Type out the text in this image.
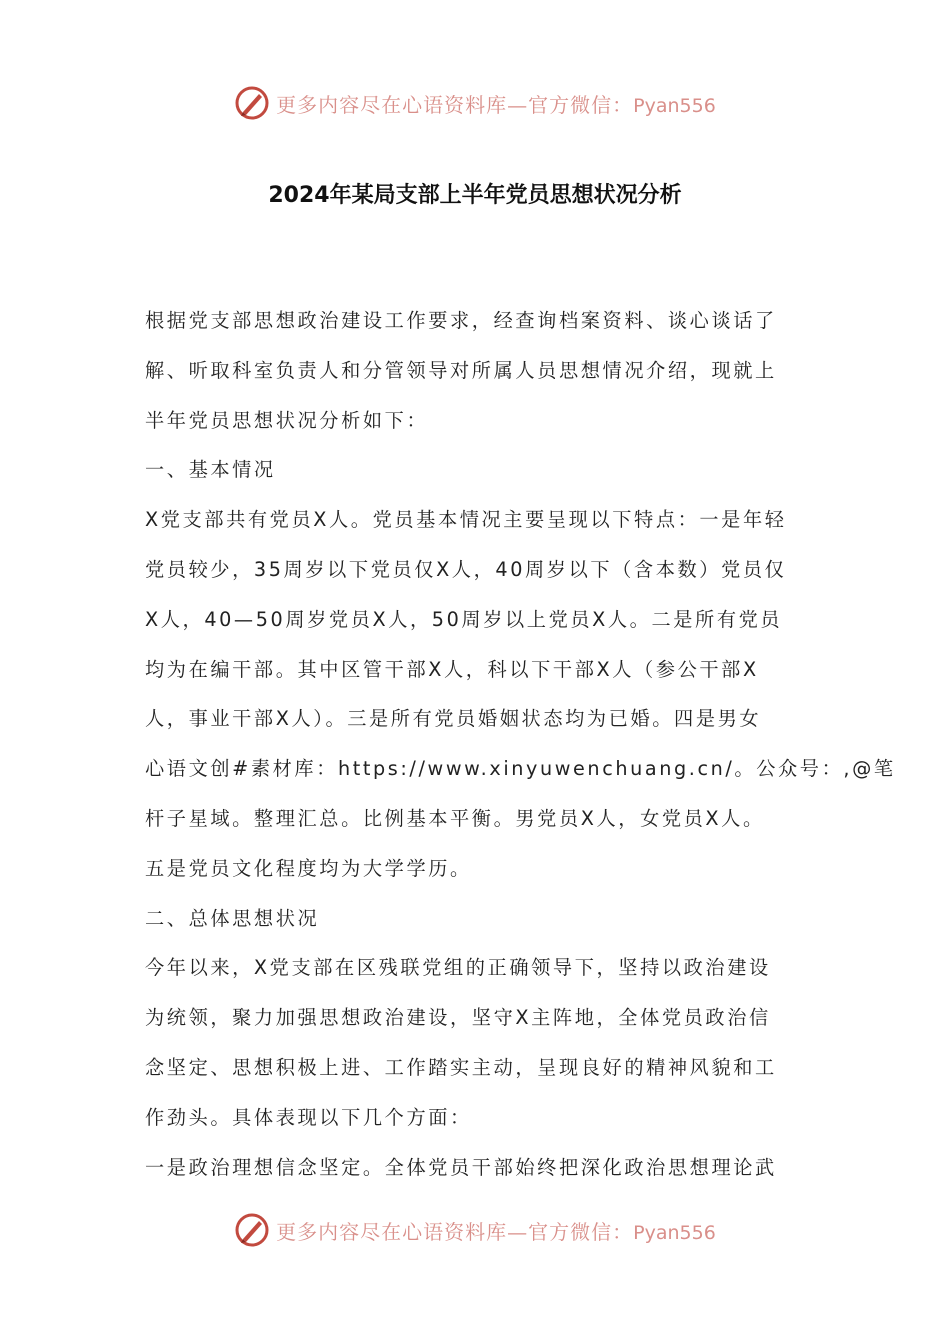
更多内容尽在心语资料库—官方微信：Pyan556
2024年某局支部上半年党员思想状况分析
根据党支部思想政治建设工作要求，经查询档案资料、谈心谈话了
解、听取科室负责人和分管领导对所属人员思想情况介绍，现就上
半年党员思想状况分析如下：
一、基本情况
X党支部共有党员X人。党员基本情况主要呈现以下特点：一是年轻
党员较少，35周岁以下党员仅X人，40周岁以下（含本数）党员仅
X人，40—50周岁党员X人，50周岁以上党员X人。二是所有党员
均为在编干部。其中区管干部X人，科以下干部X人（参公干部X
人，事业干部X人）。三是所有党员婚姻状态均为已婚。四是男女
心语文创#素材库：https://www.xinyuwenchuang.cn/。公众号：,@笔
杆子星域。整理汇总。比例基本平衡。男党员X人，女党员X人。
五是党员文化程度均为大学学历。
二、总体思想状况
今年以来，X党支部在区残联党组的正确领导下，坚持以政治建设
为统领，聚力加强思想政治建设，坚守X主阵地，全体党员政治信
念坚定、思想积极上进、工作踏实主动，呈现良好的精神风貌和工
作劲头。具体表现以下几个方面：
一是政治理想信念坚定。全体党员干部始终把深化政治思想理论武
更多内容尽在心语资料库—官方微信：Pyan556
